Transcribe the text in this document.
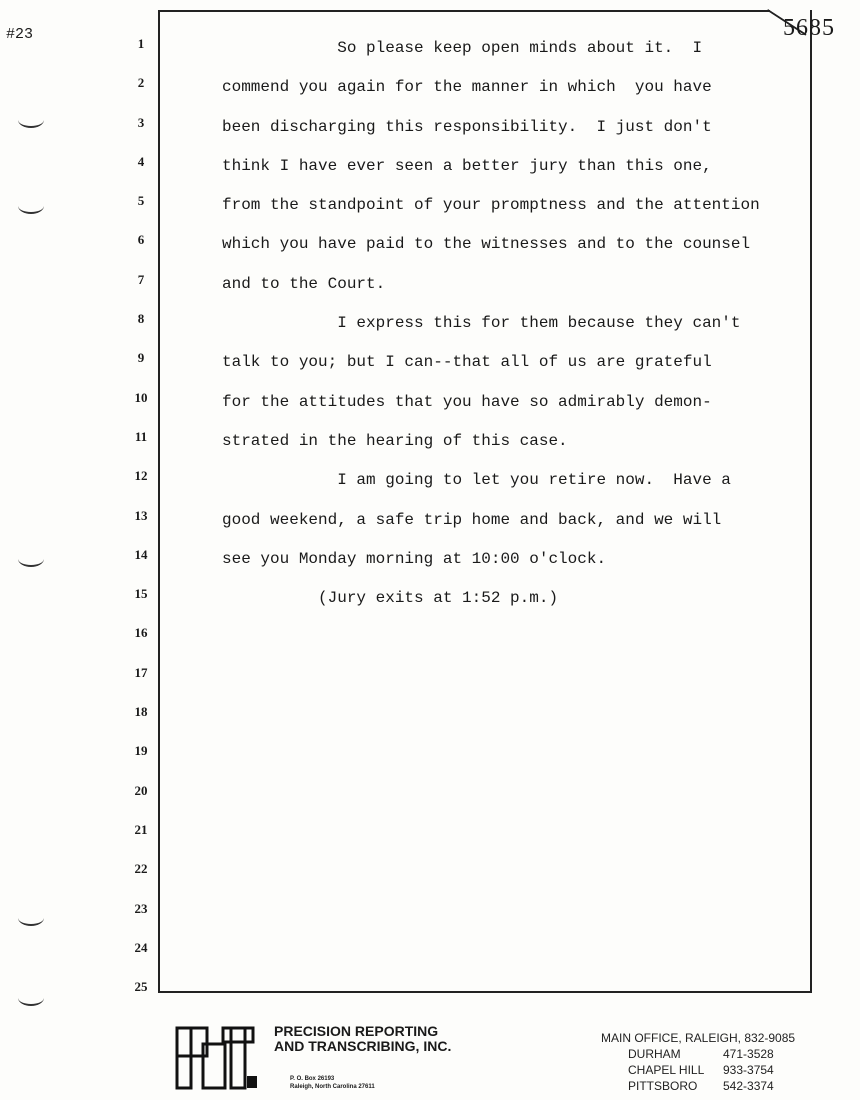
#23	5685
1
2
3
4
5
6
7
8
9
10
11
12
13
14
15
16
17
18
19
20
21
22
23
24
25
So please keep open minds about it.  I
commend you again for the manner in which  you have
been discharging this responsibility.  I just don't
think I have ever seen a better jury than this one,
from the standpoint of your promptness and the attention
which you have paid to the witnesses and to the counsel
and to the Court.
I express this for them because they can't
talk to you; but I can--that all of us are grateful
for the attitudes that you have so admirably demon-
strated in the hearing of this case.
I am going to let you retire now.  Have a
good weekend, a safe trip home and back, and we will
see you Monday morning at 10:00 o'clock.
(Jury exits at 1:52 p.m.)
PRECISION REPORTING
AND TRANSCRIBING, INC.
P. O. Box 26193
Raleigh, North Carolina 27611
MAIN OFFICE, RALEIGH, 832-9085
DURHAM	471-3528
CHAPEL HILL	933-3754
PITTSBORO	542-3374
